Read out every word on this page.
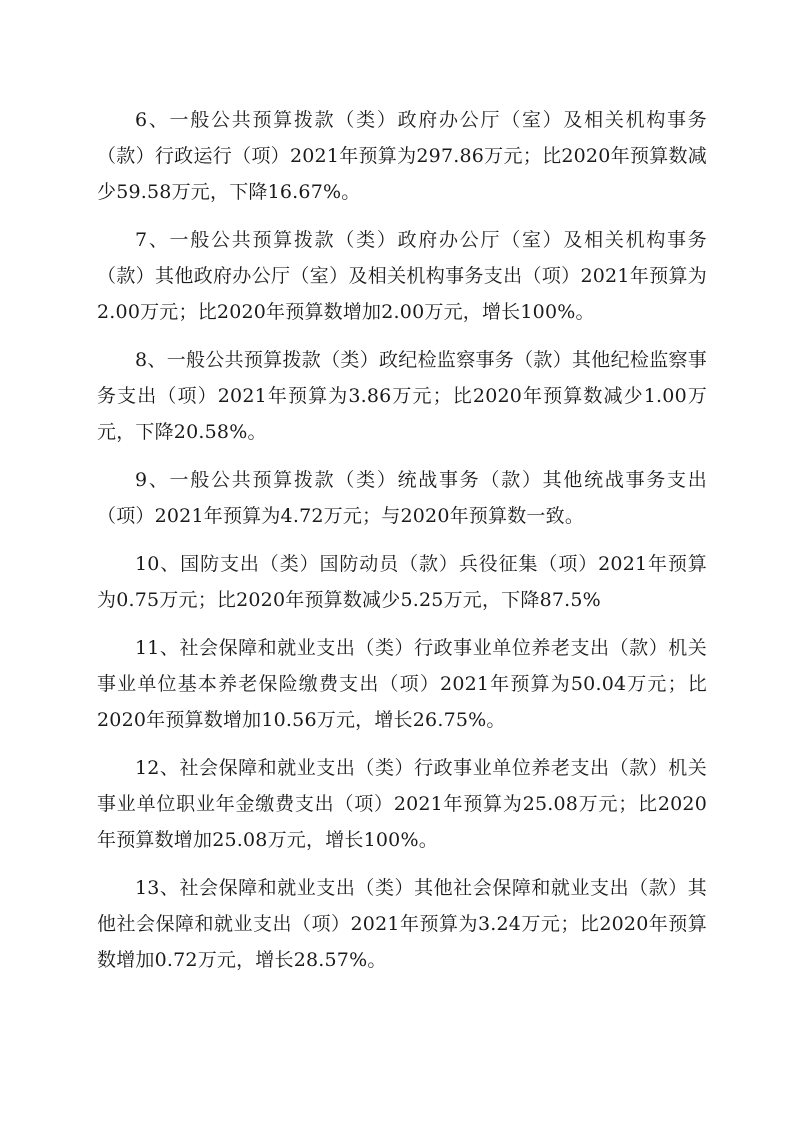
6、一般公共预算拨款（类）政府办公厅（室）及相关机构事务（款）行政运行（项）2021年预算为297.86万元；比2020年预算数减少59.58万元，下降16.67%。

7、一般公共预算拨款（类）政府办公厅（室）及相关机构事务（款）其他政府办公厅（室）及相关机构事务支出（项）2021年预算为2.00万元；比2020年预算数增加2.00万元，增长100%。

8、一般公共预算拨款（类）政纪检监察事务（款）其他纪检监察事务支出（项）2021年预算为3.86万元；比2020年预算数减少1.00万元，下降20.58%。

9、一般公共预算拨款（类）统战事务（款）其他统战事务支出（项）2021年预算为4.72万元；与2020年预算数一致。

10、国防支出（类）国防动员（款）兵役征集（项）2021年预算为0.75万元；比2020年预算数减少5.25万元，下降87.5%

11、社会保障和就业支出（类）行政事业单位养老支出（款）机关事业单位基本养老保险缴费支出（项）2021年预算为50.04万元；比2020年预算数增加10.56万元，增长26.75%。

12、社会保障和就业支出（类）行政事业单位养老支出（款）机关事业单位职业年金缴费支出（项）2021年预算为25.08万元；比2020年预算数增加25.08万元，增长100%。

13、社会保障和就业支出（类）其他社会保障和就业支出（款）其他社会保障和就业支出（项）2021年预算为3.24万元；比2020年预算数增加0.72万元，增长28.57%。
